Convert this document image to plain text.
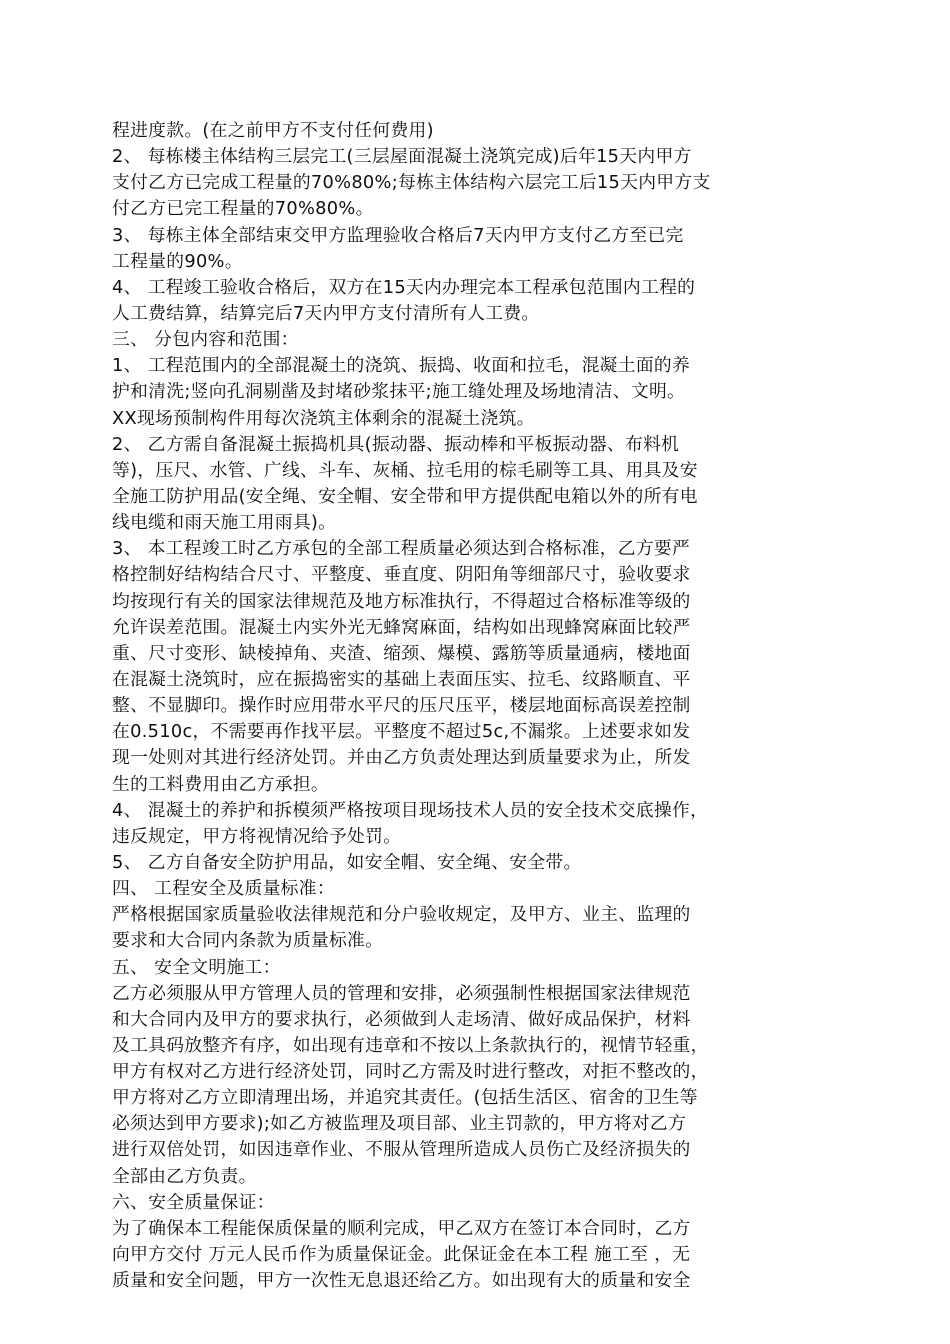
程进度款。(在之前甲方不支付任何费用)
2、 每栋楼主体结构三层完工(三层屋面混凝土浇筑完成)后年15天内甲方
支付乙方已完成工程量的70%80%;每栋主体结构六层完工后15天内甲方支
付乙方已完工程量的70%80%。
3、 每栋主体全部结束交甲方监理验收合格后7天内甲方支付乙方至已完
工程量的90%。
4、 工程竣工验收合格后，双方在15天内办理完本工程承包范围内工程的
人工费结算，结算完后7天内甲方支付清所有人工费。
三、 分包内容和范围：
1、 工程范围内的全部混凝土的浇筑、振捣、收面和拉毛，混凝土面的养
护和清洗;竖向孔洞剔凿及封堵砂浆抹平;施工缝处理及场地清洁、文明。
XX现场预制构件用每次浇筑主体剩余的混凝土浇筑。
2、 乙方需自备混凝土振捣机具(振动器、振动棒和平板振动器、布料机
等)，压尺、水管、广线、斗车、灰桶、拉毛用的棕毛刷等工具、用具及安
全施工防护用品(安全绳、安全帽、安全带和甲方提供配电箱以外的所有电
线电缆和雨天施工用雨具)。
3、 本工程竣工时乙方承包的全部工程质量必须达到合格标准，乙方要严
格控制好结构结合尺寸、平整度、垂直度、阴阳角等细部尺寸，验收要求
均按现行有关的国家法律规范及地方标准执行，不得超过合格标准等级的
允许误差范围。混凝土内实外光无蜂窝麻面，结构如出现蜂窝麻面比较严
重、尺寸变形、缺棱掉角、夹渣、缩颈、爆模、露筋等质量通病，楼地面
在混凝土浇筑时，应在振捣密实的基础上表面压实、拉毛、纹路顺直、平
整、不显脚印。操作时应用带水平尺的压尺压平，楼层地面标高误差控制
在0.510c，不需要再作找平层。平整度不超过5c,不漏浆。上述要求如发
现一处则对其进行经济处罚。并由乙方负责处理达到质量要求为止，所发
生的工料费用由乙方承担。
4、 混凝土的养护和拆模须严格按项目现场技术人员的安全技术交底操作，
违反规定，甲方将视情况给予处罚。
5、 乙方自备安全防护用品，如安全帽、安全绳、安全带。
四、 工程安全及质量标准：
严格根据国家质量验收法律规范和分户验收规定，及甲方、业主、监理的
要求和大合同内条款为质量标准。
五、 安全文明施工：
乙方必须服从甲方管理人员的管理和安排，必须强制性根据国家法律规范
和大合同内及甲方的要求执行，必须做到人走场清、做好成品保护，材料
及工具码放整齐有序，如出现有违章和不按以上条款执行的，视情节轻重，
甲方有权对乙方进行经济处罚，同时乙方需及时进行整改，对拒不整改的，
甲方将对乙方立即清理出场，并追究其责任。(包括生活区、宿舍的卫生等
必须达到甲方要求);如乙方被监理及项目部、业主罚款的，甲方将对乙方
进行双倍处罚，如因违章作业、不服从管理所造成人员伤亡及经济损失的
全部由乙方负责。
六、安全质量保证：
为了确保本工程能保质保量的顺利完成，甲乙双方在签订本合同时，乙方
向甲方交付 万元人民币作为质量保证金。此保证金在本工程 施工至 ，无
质量和安全问题，甲方一次性无息退还给乙方。如出现有大的质量和安全
